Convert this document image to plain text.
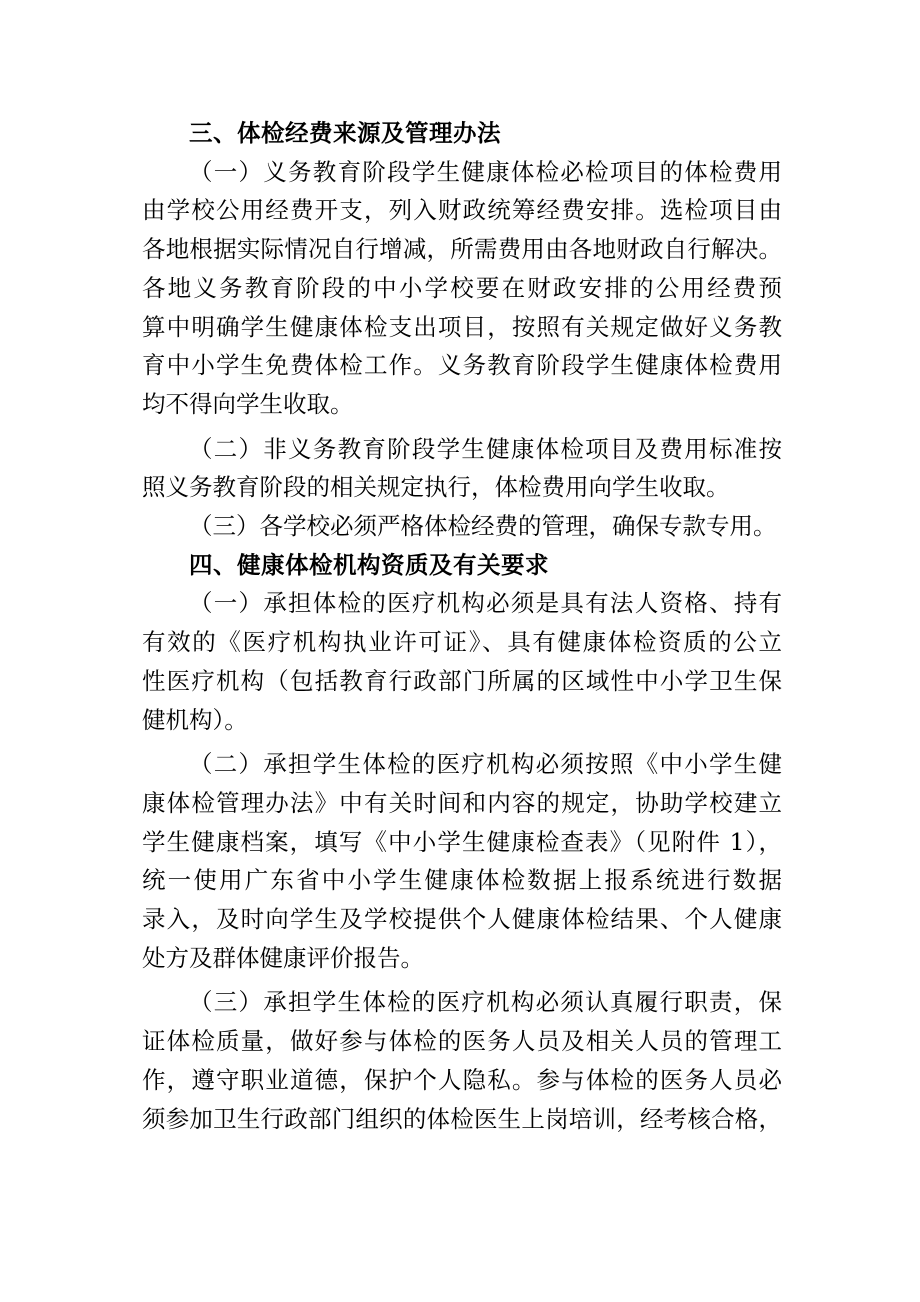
三、体检经费来源及管理办法

（一）义务教育阶段学生健康体检必检项目的体检费用
由学校公用经费开支，列入财政统筹经费安排。选检项目由
各地根据实际情况自行增减，所需费用由各地财政自行解决。
各地义务教育阶段的中小学校要在财政安排的公用经费预
算中明确学生健康体检支出项目，按照有关规定做好义务教
育中小学生免费体检工作。义务教育阶段学生健康体检费用
均不得向学生收取。

（二）非义务教育阶段学生健康体检项目及费用标准按
照义务教育阶段的相关规定执行，体检费用向学生收取。

（三）各学校必须严格体检经费的管理，确保专款专用。

四、健康体检机构资质及有关要求

（一）承担体检的医疗机构必须是具有法人资格、持有
有效的《医疗机构执业许可证》、具有健康体检资质的公立
性医疗机构（包括教育行政部门所属的区域性中小学卫生保
健机构）。

（二）承担学生体检的医疗机构必须按照《中小学生健
康体检管理办法》中有关时间和内容的规定，协助学校建立
学生健康档案，填写《中小学生健康检查表》（见附件 1），
统一使用广东省中小学生健康体检数据上报系统进行数据
录入，及时向学生及学校提供个人健康体检结果、个人健康
处方及群体健康评价报告。

（三）承担学生体检的医疗机构必须认真履行职责，保
证体检质量，做好参与体检的医务人员及相关人员的管理工
作，遵守职业道德，保护个人隐私。参与体检的医务人员必
须参加卫生行政部门组织的体检医生上岗培训，经考核合格，
